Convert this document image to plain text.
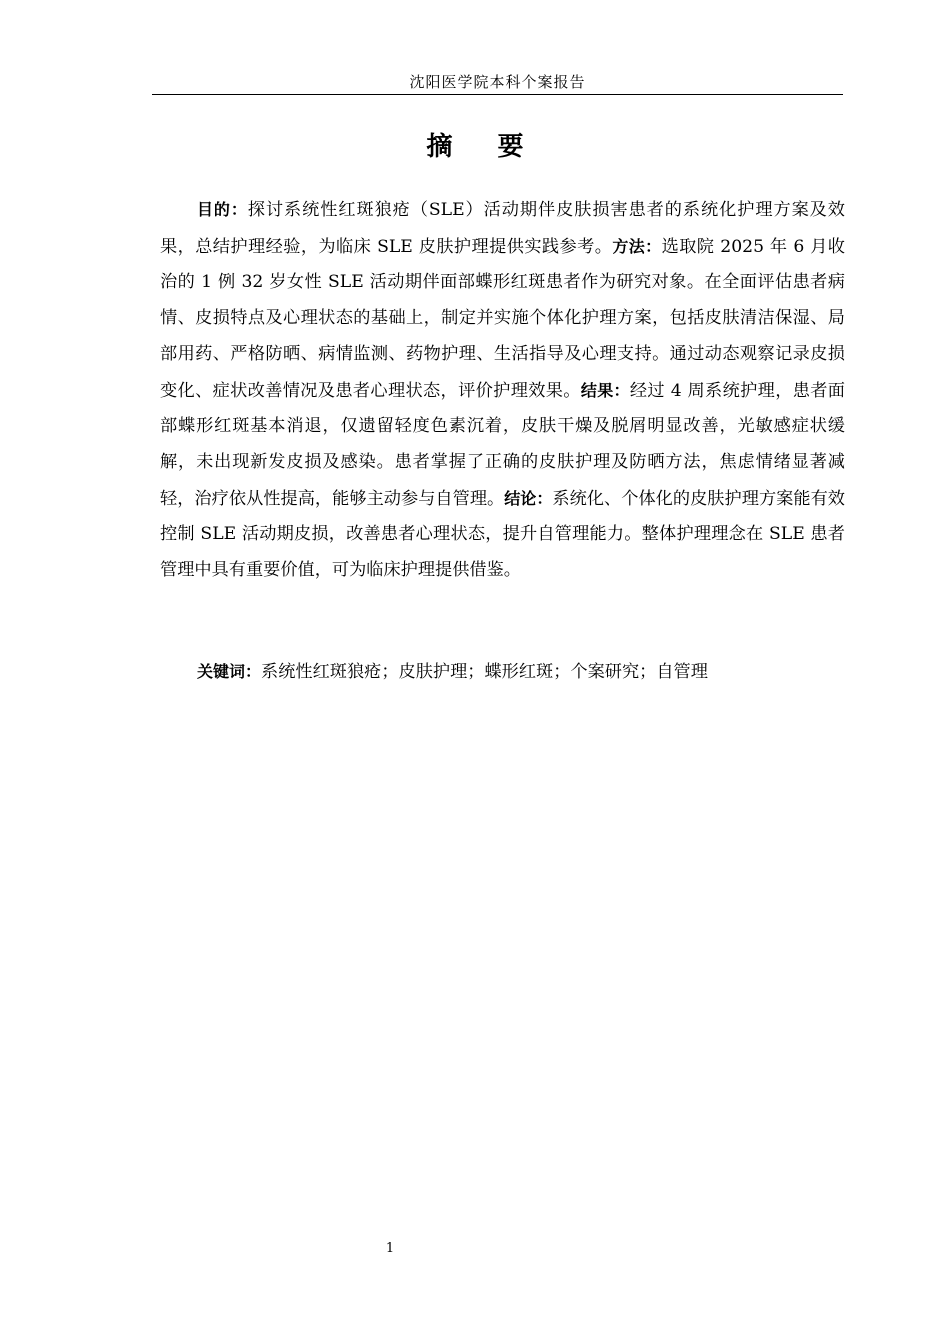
沈阳医学院本科个案报告
摘 要

目的：探讨系统性红斑狼疮（SLE）活动期伴皮肤损害患者的系统化护理方案及效果，总结护理经验，为临床 SLE 皮肤护理提供实践参考。方法：选取院 2025 年 6 月收治的 1 例 32 岁女性 SLE 活动期伴面部蝶形红斑患者作为研究对象。在全面评估患者病情、皮损特点及心理状态的基础上，制定并实施个体化护理方案，包括皮肤清洁保湿、局部用药、严格防晒、病情监测、药物护理、生活指导及心理支持。通过动态观察记录皮损变化、症状改善情况及患者心理状态，评价护理效果。结果：经过 4 周系统护理，患者面部蝶形红斑基本消退，仅遗留轻度色素沉着，皮肤干燥及脱屑明显改善，光敏感症状缓解，未出现新发皮损及感染。患者掌握了正确的皮肤护理及防晒方法，焦虑情绪显著减轻，治疗依从性提高，能够主动参与自管理。结论：系统化、个体化的皮肤护理方案能有效控制 SLE 活动期皮损，改善患者心理状态，提升自管理能力。整体护理理念在 SLE 患者管理中具有重要价值，可为临床护理提供借鉴。

关键词：系统性红斑狼疮；皮肤护理；蝶形红斑；个案研究；自管理

1
